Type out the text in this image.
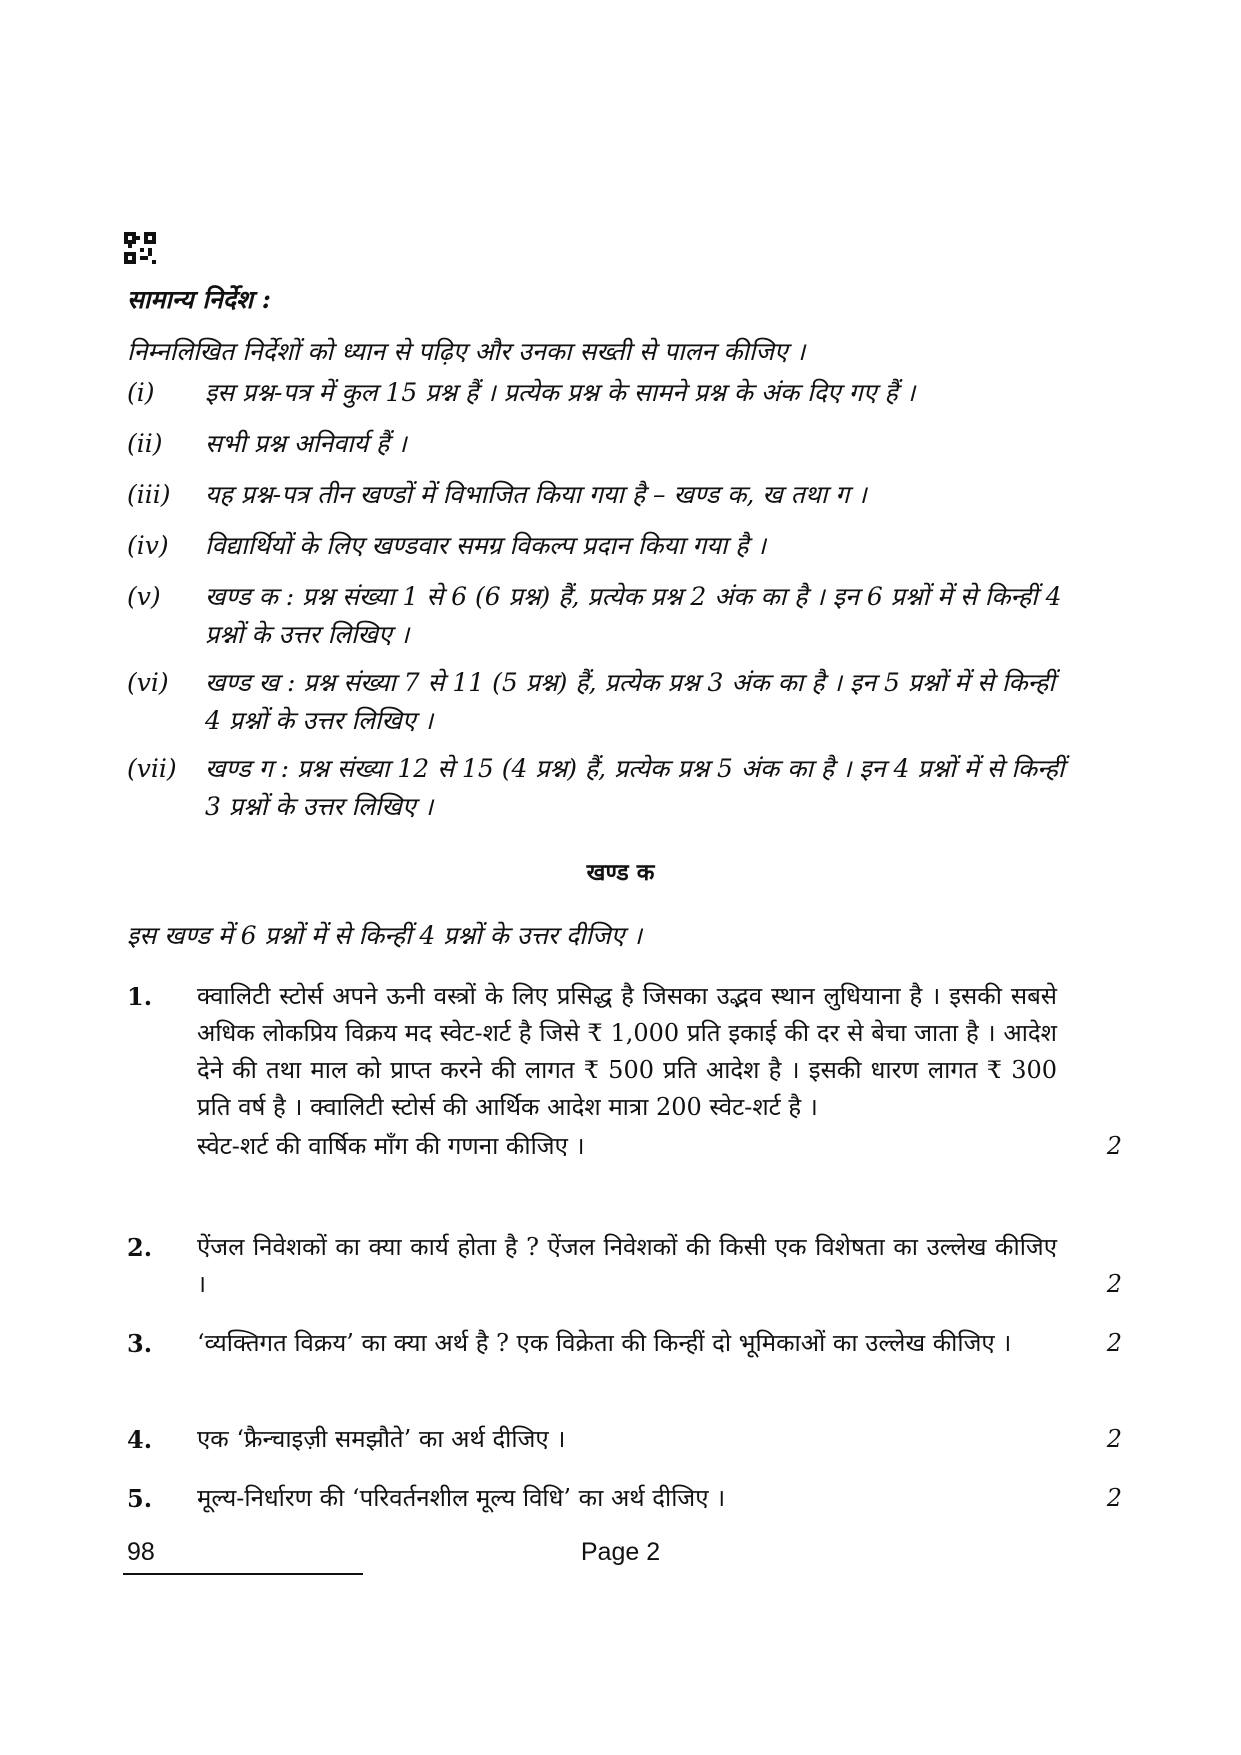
सामान्य निर्देश :
निम्नलिखित निर्देशों को ध्यान से पढ़िए और उनका सख्ती से पालन कीजिए ।
(i)	इस प्रश्न-पत्र में कुल 15 प्रश्न हैं । प्रत्येक प्रश्न के सामने प्रश्न के अंक दिए गए हैं ।
(ii)	सभी प्रश्न अनिवार्य हैं ।
(iii)	यह प्रश्न-पत्र तीन खण्डों में विभाजित किया गया है – खण्ड क, ख तथा ग ।
(iv)	विद्यार्थियों के लिए खण्डवार समग्र विकल्प प्रदान किया गया है ।
(v)	खण्ड क : प्रश्न संख्या 1 से 6 (6 प्रश्न) हैं, प्रत्येक प्रश्न 2 अंक का है । इन 6 प्रश्नों में से किन्हीं 4 प्रश्नों के उत्तर लिखिए ।
(vi)	खण्ड ख : प्रश्न संख्या 7 से 11 (5 प्रश्न) हैं, प्रत्येक प्रश्न 3 अंक का है । इन 5 प्रश्नों में से किन्हीं 4 प्रश्नों के उत्तर लिखिए ।
(vii)	खण्ड ग : प्रश्न संख्या 12 से 15 (4 प्रश्न) हैं, प्रत्येक प्रश्न 5 अंक का है । इन 4 प्रश्नों में से किन्हीं 3 प्रश्नों के उत्तर लिखिए ।
खण्ड क
इस खण्ड में 6 प्रश्नों में से किन्हीं 4 प्रश्नों के उत्तर दीजिए ।
1. क्वालिटी स्टोर्स अपने ऊनी वस्त्रों के लिए प्रसिद्ध है जिसका उद्भव स्थान लुधियाना है । इसकी सबसे अधिक लोकप्रिय विक्रय मद स्वेट-शर्ट है जिसे ₹ 1,000 प्रति इकाई की दर से बेचा जाता है । आदेश देने की तथा माल को प्राप्त करने की लागत ₹ 500 प्रति आदेश है । इसकी धारण लागत ₹ 300 प्रति वर्ष है । क्वालिटी स्टोर्स की आर्थिक आदेश मात्रा 200 स्वेट-शर्ट है ।
स्वेट-शर्ट की वार्षिक माँग की गणना कीजिए ।	2
2. ऐंजल निवेशकों का क्या कार्य होता है ? ऐंजल निवेशकों की किसी एक विशेषता का उल्लेख कीजिए ।	2
3. ‘व्यक्तिगत विक्रय’ का क्या अर्थ है ? एक विक्रेता की किन्हीं दो भूमिकाओं का उल्लेख कीजिए ।	2
4. एक ‘फ्रैन्चाइज़ी समझौते’ का अर्थ दीजिए ।	2
5. मूल्य-निर्धारण की ‘परिवर्तनशील मूल्य विधि’ का अर्थ दीजिए ।	2
98	Page 2
